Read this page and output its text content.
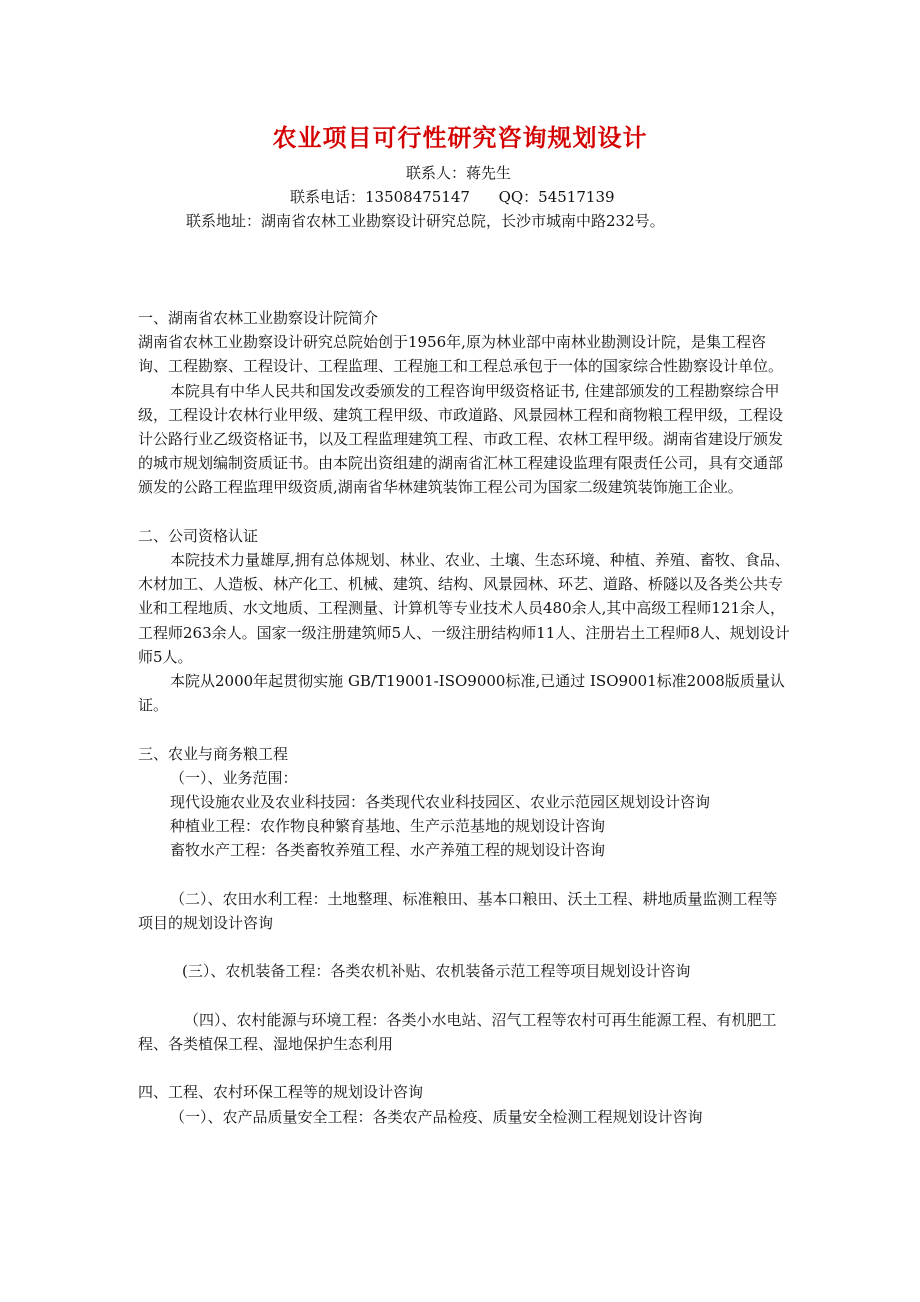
农业项目可行性研究咨询规划设计
联系人：蒋先生
联系电话：13508475147      QQ：54517139
联系地址：湖南省农林工业勘察设计研究总院，长沙市城南中路232号。

一、湖南省农林工业勘察设计院简介

湖南省农林工业勘察设计研究总院始创于1956年,原为林业部中南林业勘测设计院，是集工程咨询、工程勘察、工程设计、工程监理、工程施工和工程总承包于一体的国家综合性勘察设计单位。

本院具有中华人民共和国发改委颁发的工程咨询甲级资格证书, 住建部颁发的工程勘察综合甲级，工程设计农林行业甲级、建筑工程甲级、市政道路、风景园林工程和商物粮工程甲级，工程设计公路行业乙级资格证书，以及工程监理建筑工程、市政工程、农林工程甲级。湖南省建设厅颁发的城市规划编制资质证书。由本院出资组建的湖南省汇林工程建设监理有限责任公司，具有交通部颁发的公路工程监理甲级资质,湖南省华林建筑装饰工程公司为国家二级建筑装饰施工企业。

二、公司资格认证

本院技术力量雄厚,拥有总体规划、林业、农业、土壤、生态环境、种植、养殖、畜牧、食品、木材加工、人造板、林产化工、机械、建筑、结构、风景园林、环艺、道路、桥隧以及各类公共专业和工程地质、水文地质、工程测量、计算机等专业技术人员480余人,其中高级工程师121余人，工程师263余人。国家一级注册建筑师5人、一级注册结构师11人、注册岩土工程师8人、规划设计师5人。

本院从2000年起贯彻实施 GB/T19001-ISO9000标准,已通过 ISO9001标准2008版质量认证。

三、农业与商务粮工程

（一）、业务范围：

现代设施农业及农业科技园：各类现代农业科技园区、农业示范园区规划设计咨询

种植业工程：农作物良种繁育基地、生产示范基地的规划设计咨询

畜牧水产工程：各类畜牧养殖工程、水产养殖工程的规划设计咨询

（二）、农田水利工程：土地整理、标准粮田、基本口粮田、沃土工程、耕地质量监测工程等项目的规划设计咨询

(三）、农机装备工程：各类农机补贴、农机装备示范工程等项目规划设计咨询

（四）、农村能源与环境工程：各类小水电站、沼气工程等农村可再生能源工程、有机肥工程、各类植保工程、湿地保护生态利用

四、工程、农村环保工程等的规划设计咨询

（一）、农产品质量安全工程：各类农产品检疫、质量安全检测工程规划设计咨询
